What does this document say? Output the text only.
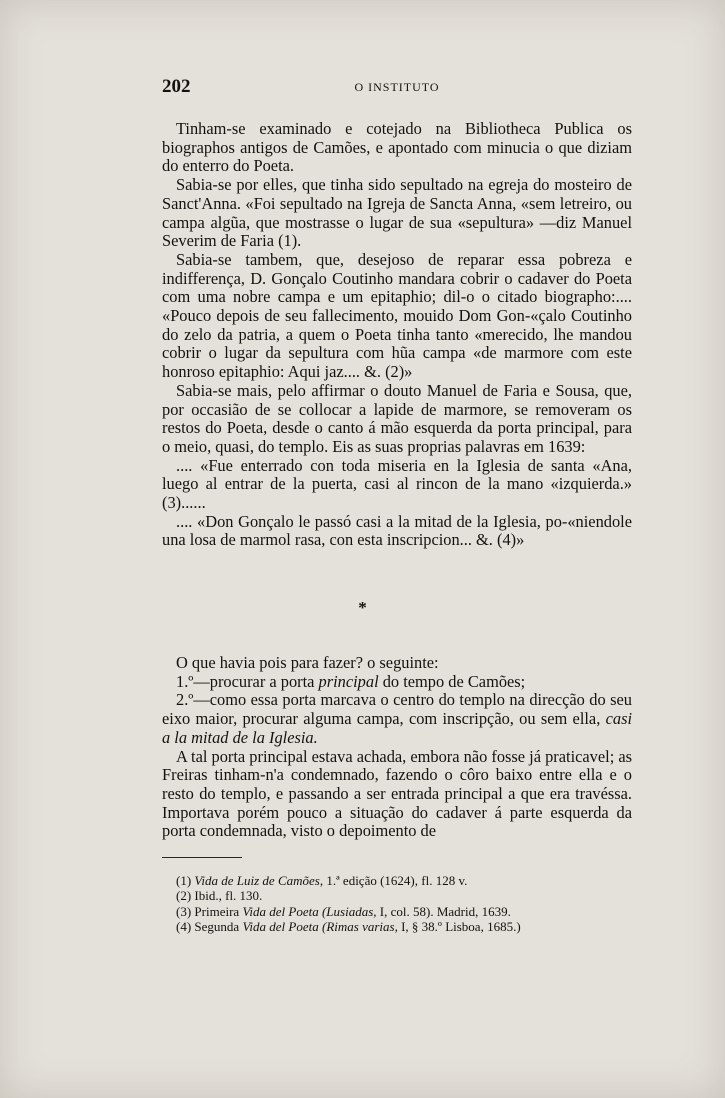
202	O INSTITUTO

Tinham-se examinado e cotejado na Bibliotheca Publica os biographos antigos de Camões, e apontado com minucia o que diziam do enterro do Poeta.

Sabia-se por elles, que tinha sido sepultado na egreja do mosteiro de Sanct'Anna. «Foi sepultado na Igreja de Sancta Anna, «sem letreiro, ou campa algũa, que mostrasse o lugar de sua «sepultura» —diz Manuel Severim de Faria (1).

Sabia-se tambem, que, desejoso de reparar essa pobreza e indifferença, D. Gonçalo Coutinho mandara cobrir o cadaver do Poeta com uma nobre campa e um epitaphio; dil-o o citado biographo:.... «Pouco depois de seu fallecimento, mouido Dom Gon-«çalo Coutinho do zelo da patria, a quem o Poeta tinha tanto «merecido, lhe mandou cobrir o lugar da sepultura com hũa campa «de marmore com este honroso epitaphio: Aqui jaz.... &. (2)»

Sabia-se mais, pelo affirmar o douto Manuel de Faria e Sousa, que, por occasião de se collocar a lapide de marmore, se removeram os restos do Poeta, desde o canto á mão esquerda da porta principal, para o meio, quasi, do templo. Eis as suas proprias palavras em 1639:

.... «Fue enterrado con toda miseria en la Iglesia de santa «Ana, luego al entrar de la puerta, casi al rincon de la mano «izquierda.» (3)......

.... «Don Gonçalo le passó casi a la mitad de la Iglesia, po-«niendole una losa de marmol rasa, con esta inscripcion... &. (4)»

*

O que havia pois para fazer? o seguinte:

1.º—procurar a porta principal do tempo de Camões;

2.º—como essa porta marcava o centro do templo na direcção do seu eixo maior, procurar alguma campa, com inscripção, ou sem ella, casi a la mitad de la Iglesia.

A tal porta principal estava achada, embora não fosse já praticavel; as Freiras tinham-n'a condemnado, fazendo o côro baixo entre ella e o resto do templo, e passando a ser entrada principal a que era travéssa. Importava porém pouco a situação do cadaver á parte esquerda da porta condemnada, visto o depoimento de

(1) Vida de Luiz de Camões, 1.ª edição (1624), fl. 128 v.
(2) Ibid., fl. 130.
(3) Primeira Vida del Poeta (Lusiadas, I, col. 58). Madrid, 1639.
(4) Segunda Vida del Poeta (Rimas varias, I, § 38.º Lisboa, 1685.)
